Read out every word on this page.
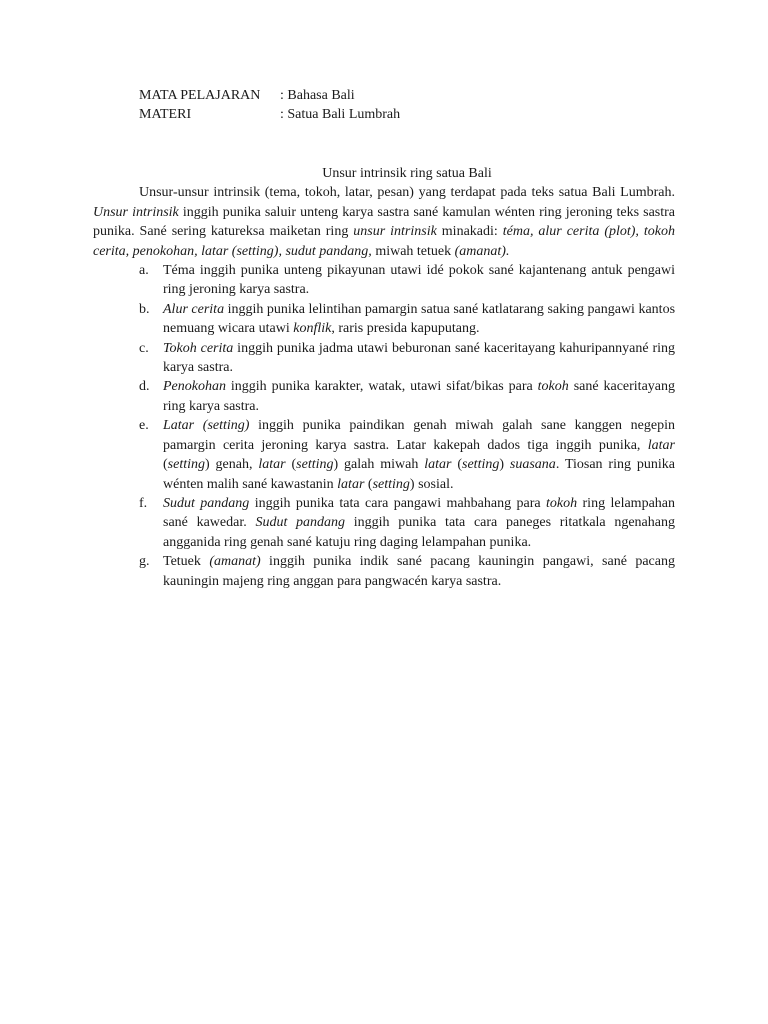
MATA PELAJARAN	: Bahasa Bali
MATERI	: Satua Bali Lumbrah
Unsur intrinsik ring satua Bali

Unsur-unsur intrinsik (tema, tokoh, latar, pesan) yang terdapat pada teks satua Bali Lumbrah. Unsur intrinsik inggih punika saluir unteng karya sastra sané kamulan wénten ring jeroning teks sastra punika. Sané sering katureksa maiketan ring unsur intrinsik minakadi: téma, alur cerita (plot), tokoh cerita, penokohan, latar (setting), sudut pandang, miwah tetuek (amanat).

a. Téma inggih punika unteng pikayunan utawi idé pokok sané kajantenang antuk pengawi ring jeroning karya sastra.
b. Alur cerita inggih punika lelintihan pamargin satua sané katlatarang saking pangawi kantos nemuang wicara utawi konflik, raris presida kapuputang.
c. Tokoh cerita inggih punika jadma utawi beburonan sané kaceritayang kahuripannyané ring karya sastra.
d. Penokohan inggih punika karakter, watak, utawi sifat/bikas para tokoh sané kaceritayang ring karya sastra.
e. Latar (setting) inggih punika paindikan genah miwah galah sane kanggen negepin pamargin cerita jeroning karya sastra. Latar kakepah dados tiga inggih punika, latar (setting) genah, latar (setting) galah miwah latar (setting) suasana. Tiosan ring punika wénten malih sané kawastanin latar (setting) sosial.
f. Sudut pandang inggih punika tata cara pangawi mahbahang para tokoh ring lelampahan sané kawedar. Sudut pandang inggih punika tata cara paneges ritatkala ngenahang angganida ring genah sané katuju ring daging lelampahan punika.
g. Tetuek (amanat) inggih punika indik sané pacang kauningin pangawi, sané pacang kauningin majeng ring anggan para pangwacén karya sastra.
